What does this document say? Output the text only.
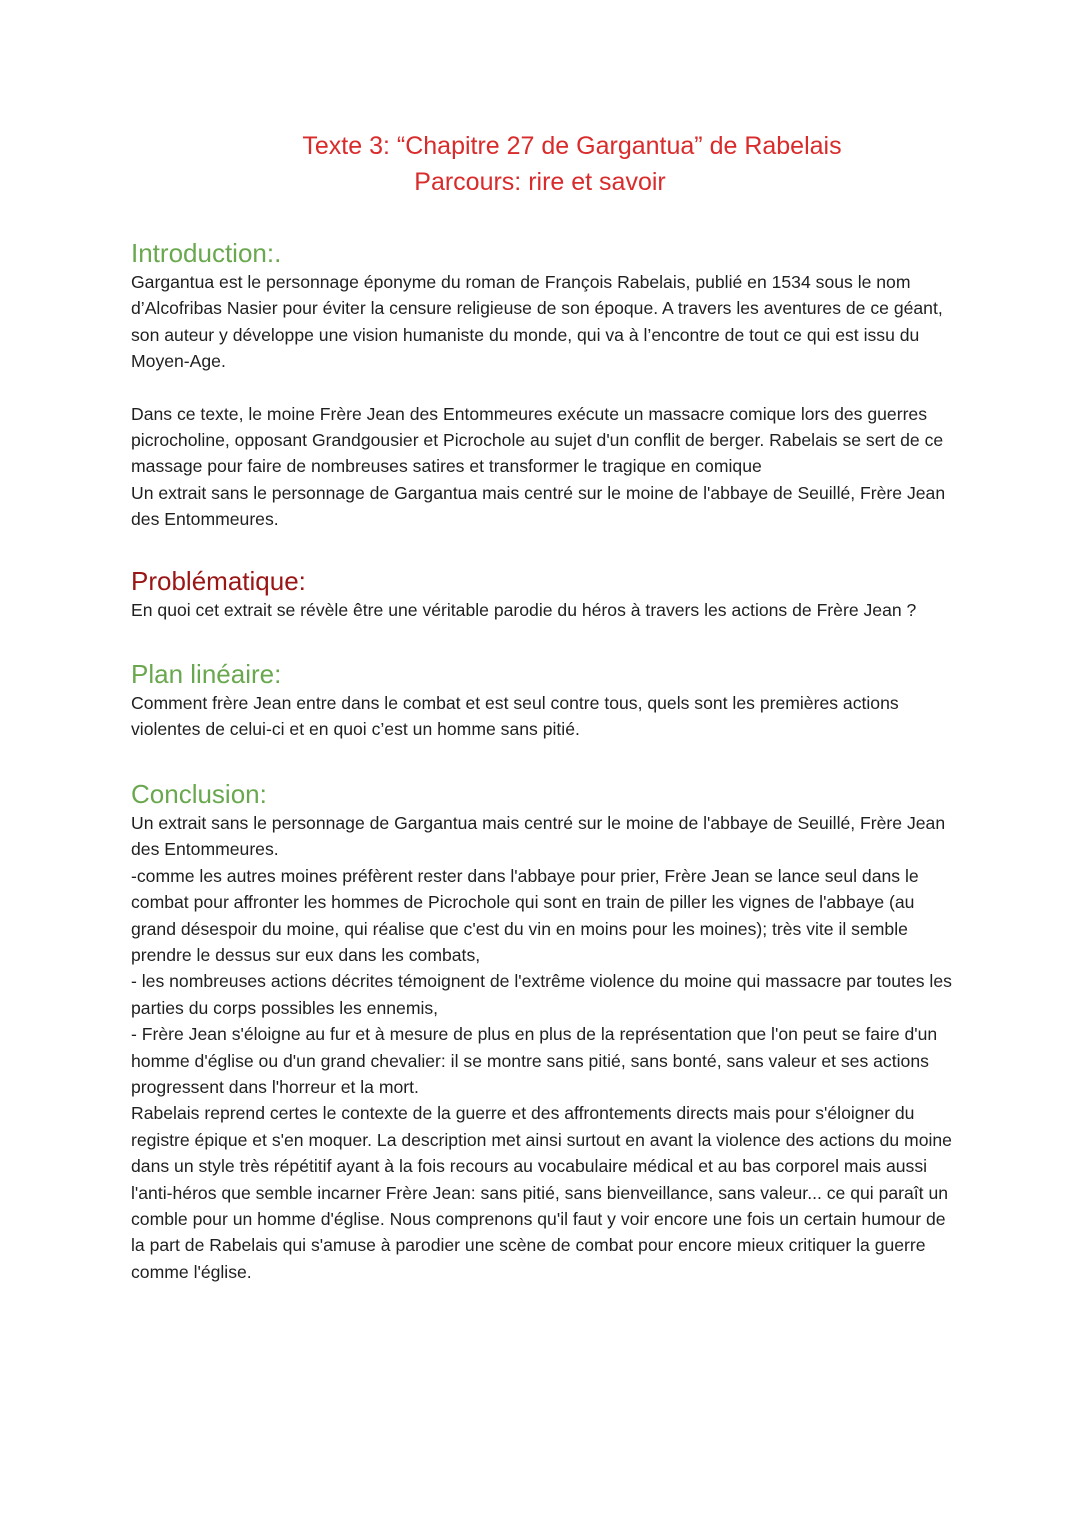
Texte 3: “Chapitre 27 de Gargantua” de Rabelais
Parcours: rire et savoir
Introduction:.

Gargantua est le personnage éponyme du roman de François Rabelais, publié en 1534 sous le nom d’Alcofribas Nasier pour éviter la censure religieuse de son époque. A travers les aventures de ce géant, son auteur y développe une vision humaniste du monde, qui va à l’encontre de tout ce qui est issu du Moyen-Age.

Dans ce texte, le moine Frère Jean des Entommeures exécute un massacre comique lors des guerres picrocholine, opposant Grandgousier et Picrochole au sujet d'un conflit de berger. Rabelais se sert de ce massage pour faire de nombreuses satires et transformer le tragique en comique

Un extrait sans le personnage de Gargantua mais centré sur le moine de l'abbaye de Seuillé, Frère Jean des Entommeures.

Problématique:

En quoi cet extrait se révèle être une véritable parodie du héros à travers les actions de Frère Jean ?

Plan linéaire:

Comment frère Jean entre dans le combat et est seul contre tous, quels sont les premières actions violentes de celui-ci et en quoi c’est un homme sans pitié.

Conclusion:

Un extrait sans le personnage de Gargantua mais centré sur le moine de l'abbaye de Seuillé, Frère Jean des Entommeures.

-comme les autres moines préfèrent rester dans l'abbaye pour prier, Frère Jean se lance seul dans le combat pour affronter les hommes de Picrochole qui sont en train de piller les vignes de l'abbaye (au grand désespoir du moine, qui réalise que c'est du vin en moins pour les moines); très vite il semble prendre le dessus sur eux dans les combats,

- les nombreuses actions décrites témoignent de l'extrême violence du moine qui massacre par toutes les parties du corps possibles les ennemis,

- Frère Jean s'éloigne au fur et à mesure de plus en plus de la représentation que l'on peut se faire d'un homme d'église ou d'un grand chevalier: il se montre sans pitié, sans bonté, sans valeur et ses actions progressent dans l'horreur et la mort.

Rabelais reprend certes le contexte de la guerre et des affrontements directs mais pour s'éloigner du registre épique et s'en moquer. La description met ainsi surtout en avant la violence des actions du moine dans un style très répétitif ayant à la fois recours au vocabulaire médical et au bas corporel mais aussi l'anti-héros que semble incarner Frère Jean: sans pitié, sans bienveillance, sans valeur... ce qui paraît un comble pour un homme d'église. Nous comprenons qu'il faut y voir encore une fois un certain humour de la part de Rabelais qui s'amuse à parodier une scène de combat pour encore mieux critiquer la guerre comme l'église.
